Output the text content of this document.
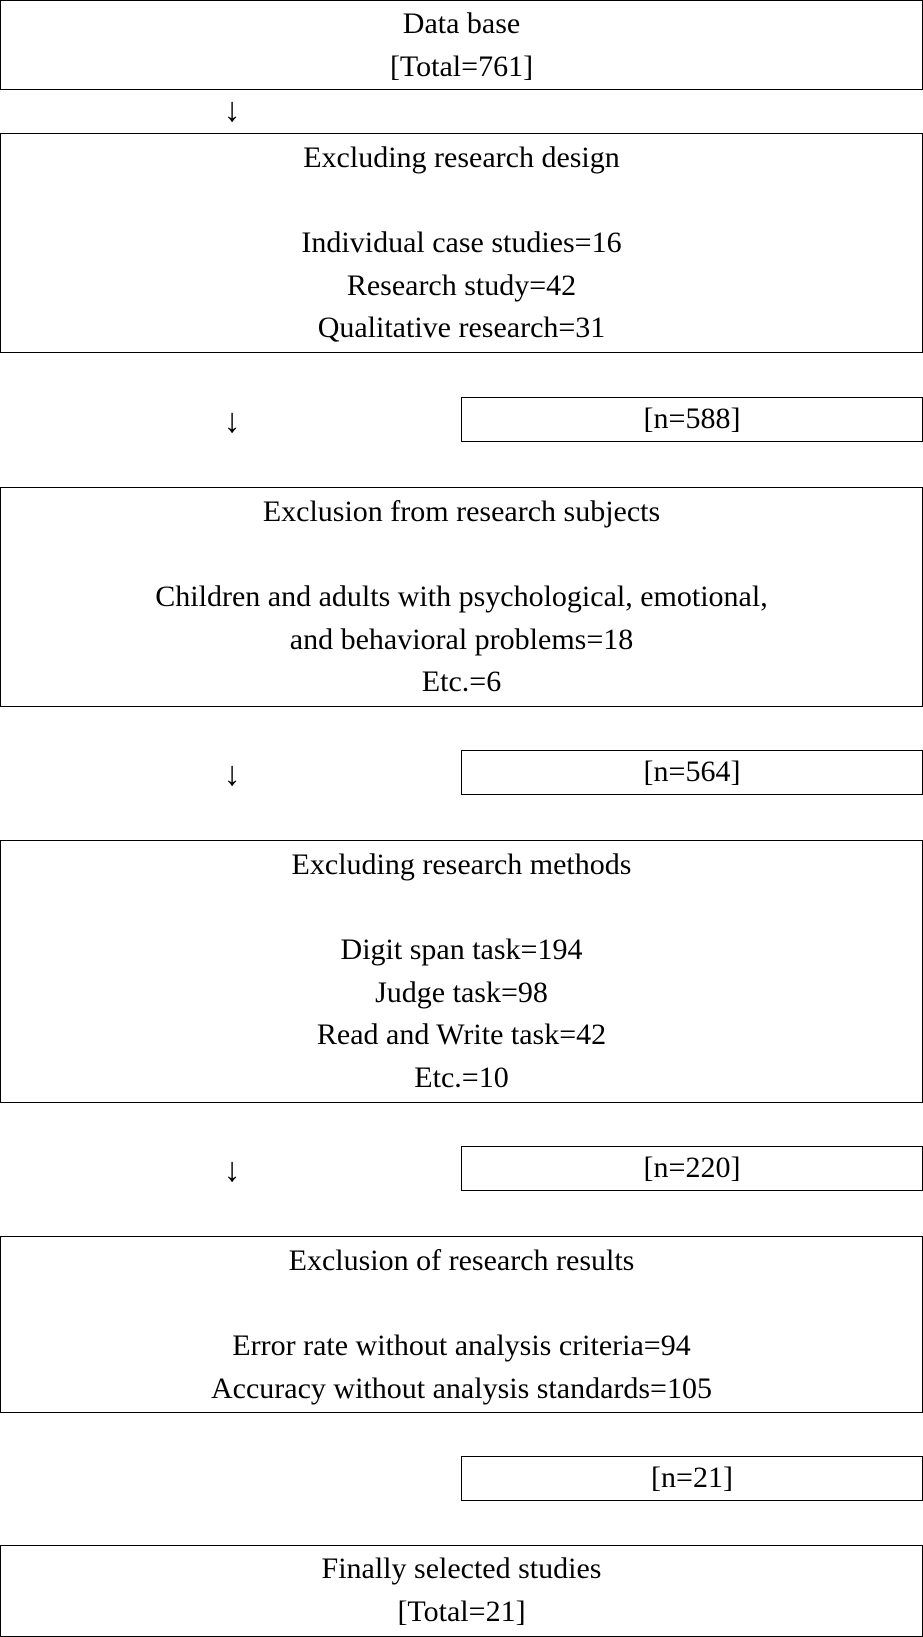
Data base
[Total=761]
↓
Excluding research design
Individual case studies=16
Research study=42
Qualitative research=31
↓	[n=588]
Exclusion from research subjects
Children and adults with psychological, emotional,
and behavioral problems=18
Etc.=6
↓	[n=564]
Excluding research methods
Digit span task=194
Judge task=98
Read and Write task=42
Etc.=10
↓	[n=220]
Exclusion of research results
Error rate without analysis criteria=94
Accuracy without analysis standards=105
[n=21]
Finally selected studies
[Total=21]
